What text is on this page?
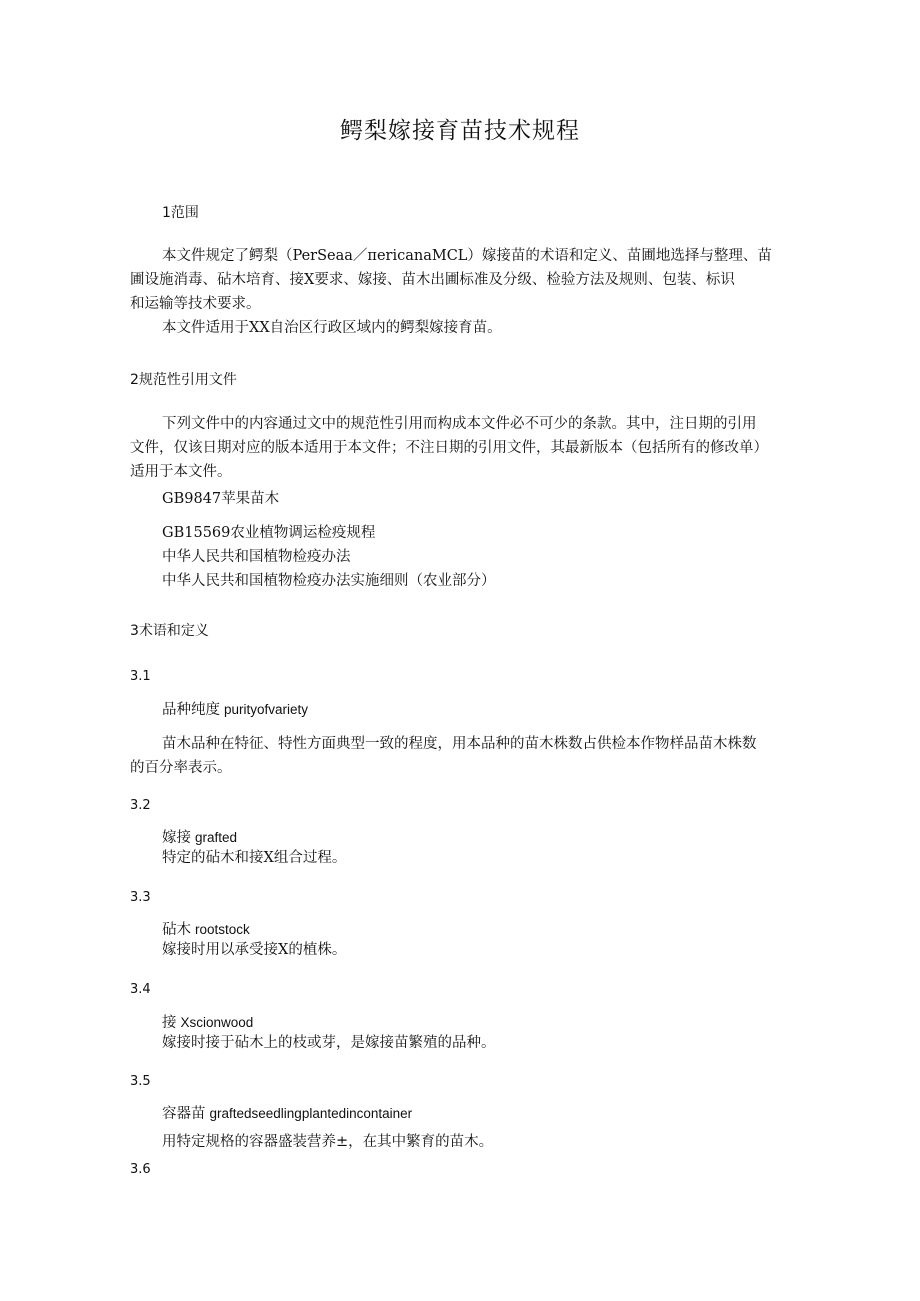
鳄梨嫁接育苗技术规程
1范围
本文件规定了鳄梨（PerSeaa／πericanaMCL）嫁接苗的术语和定义、苗圃地选择与整理、苗
圃设施消毒、砧木培育、接X要求、嫁接、苗木出圃标准及分级、检验方法及规则、包装、标识
和运输等技术要求。
本文件适用于XX自治区行政区域内的鳄梨嫁接育苗。
2规范性引用文件
下列文件中的内容通过文中的规范性引用而构成本文件必不可少的条款。其中，注日期的引用
文件，仅该日期对应的版本适用于本文件；不注日期的引用文件，其最新版本（包括所有的修改单）
适用于本文件。
GB9847苹果苗木
GB15569农业植物调运检疫规程
中华人民共和国植物检疫办法
中华人民共和国植物检疫办法实施细则（农业部分）
3术语和定义
3.1
品种纯度 purityofvariety
苗木品种在特征、特性方面典型一致的程度，用本品种的苗木株数占供检本作物样品苗木株数
的百分率表示。
3.2
嫁接 grafted
特定的砧木和接X组合过程。
3.3
砧木 rootstock
嫁接时用以承受接X的植株。
3.4
接 Xscionwood
嫁接时接于砧木上的枝或芽，是嫁接苗繁殖的品种。
3.5
容器苗 graftedseedlingplantedincontainer
用特定规格的容器盛装营养±，在其中繁育的苗木。
3.6
